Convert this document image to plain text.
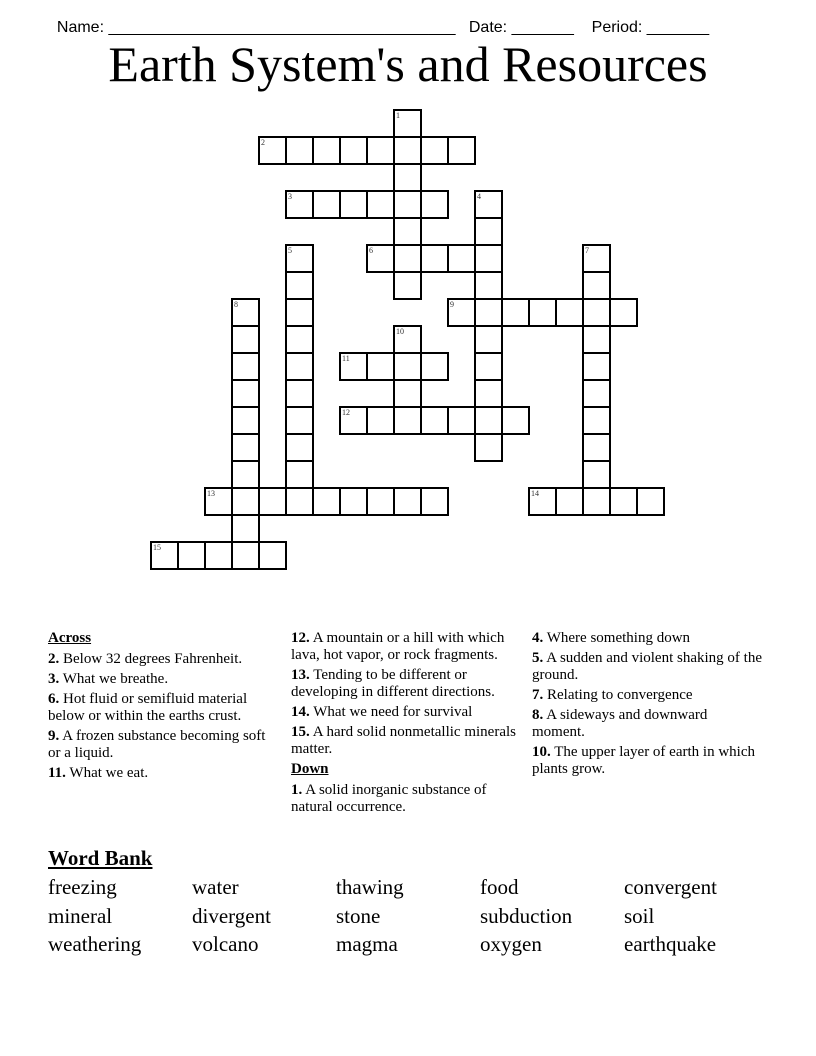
Name: _______________________________________ Date: _______ Period: _______

Earth System's and Resources
1
2
3	4
5	6	7
8	9
10
11
12
13	14
15
Across
2. Below 32 degrees Fahrenheit.
3. What we breathe.
6. Hot fluid or semifluid material below or within the earths crust.
9. A frozen substance becoming soft or a liquid.
11. What we eat.
12. A mountain or a hill with which lava, hot vapor, or rock fragments.
13. Tending to be different or developing in different directions.
14. What we need for survival
15. A hard solid nonmetallic minerals matter.
Down
1. A solid inorganic substance of natural occurrence.
4. Where something down
5. A sudden and violent shaking of the ground.
7. Relating to convergence
8. A sideways and downward moment.
10. The upper layer of earth in which plants grow.
Word Bank
freezing	water	thawing	food	convergent
mineral	divergent	stone	subduction	soil
weathering	volcano	magma	oxygen	earthquake
